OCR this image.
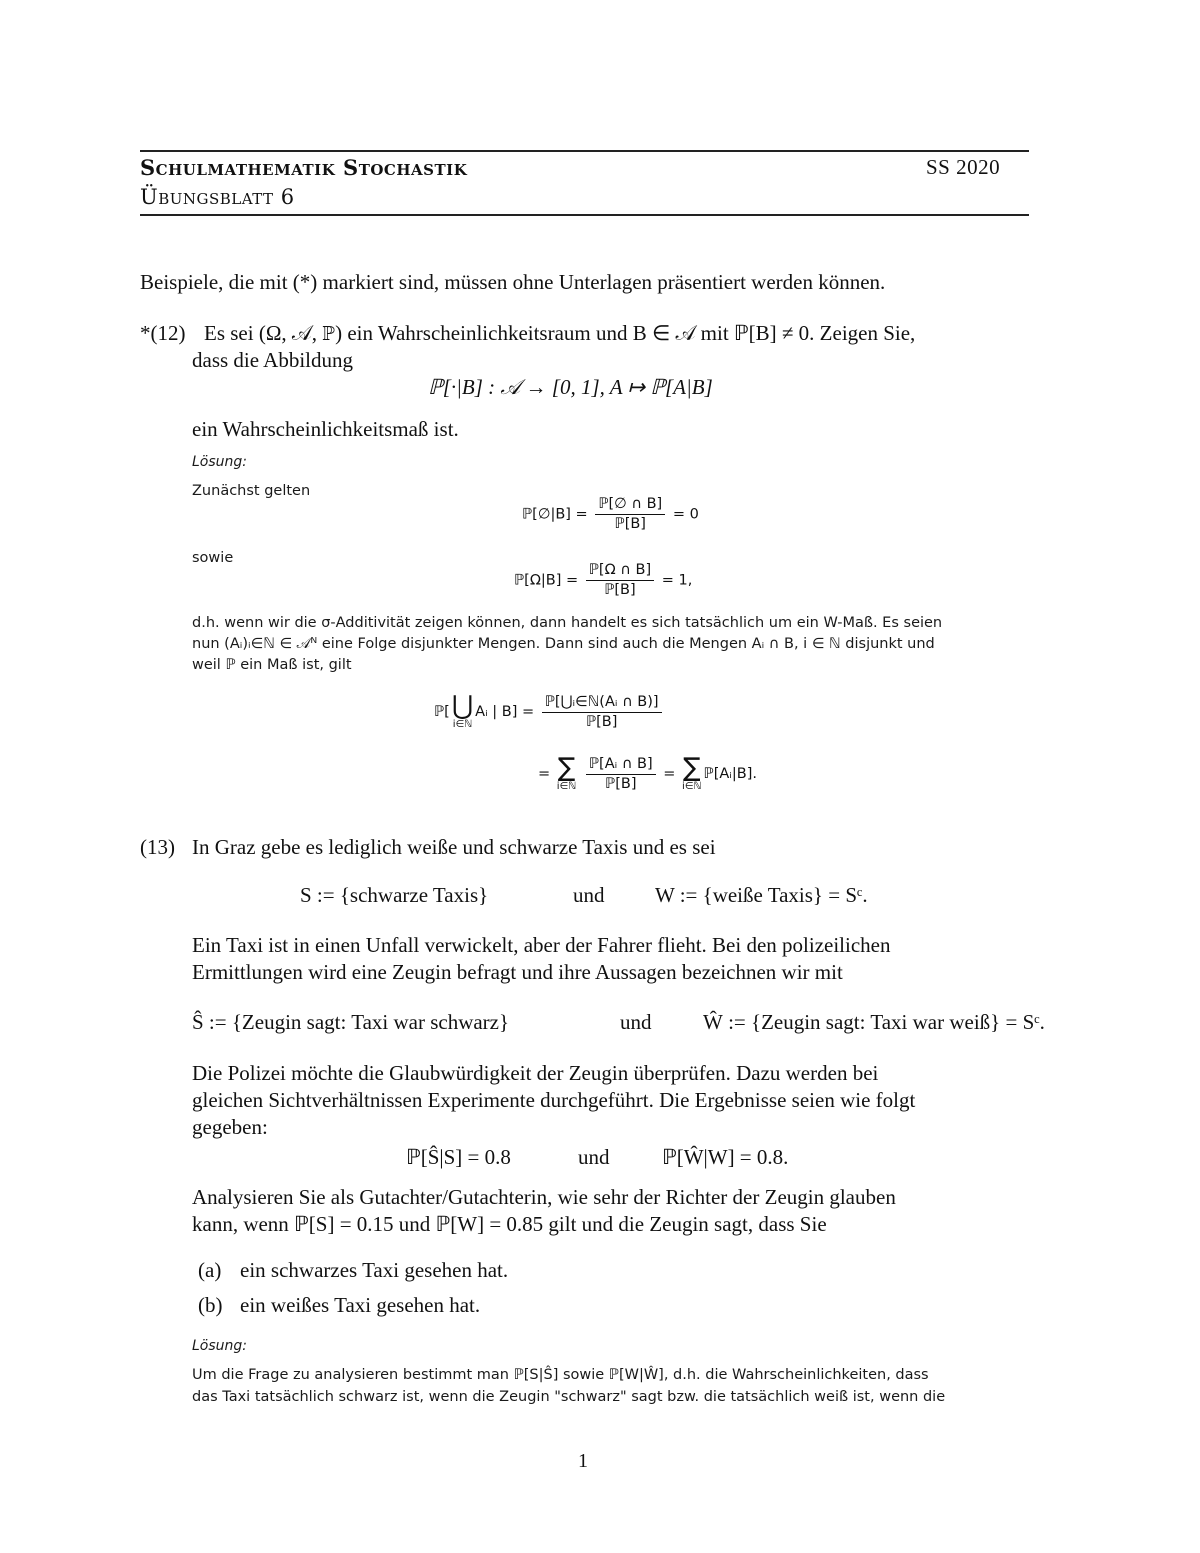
Schulmathematik Stochastik	SS 2020
Übungsblatt 6
Beispiele, die mit (*) markiert sind, müssen ohne Unterlagen präsentiert werden können.
*(12) Es sei (Ω, 𝒜, ℙ) ein Wahrscheinlichkeitsraum und B ∈ 𝒜 mit ℙ[B] ≠ 0. Zeigen Sie,
dass die Abbildung
ℙ[·|B] : 𝒜 → [0, 1], A ↦ ℙ[A|B]
ein Wahrscheinlichkeitsmaß ist.
Lösung:
Zunächst gelten
ℙ[∅|B] = $\frac{\text{ℙ[∅ ∩ B]}}{\text{ℙ[B]}} = 0$
sowie
ℙ[Ω|B] = $\frac{\text{ℙ[Ω ∩ B]}}{\text{ℙ[B]}} = 1$,
d.h. wenn wir die σ-Additivität zeigen können, dann handelt es sich tatsächlich um ein W-Maß. Es seien
nun (Aᵢ)ᵢ∈ℕ ∈ 𝒜ᴺ eine Folge disjunkter Mengen. Dann sind auch die Mengen Aᵢ ∩ B, i ∈ ℕ disjunkt und
weil ℙ ein Maß ist, gilt
ℙ[ ⋃
i∈ℕ
Aᵢ | $B] = \frac{\text{ℙ[⋃ᵢ∈ℕ(Aᵢ ∩ B)]}}{\text{ℙ[B]}}$
= ∑
i∈ℕ
$\frac{\text{ℙ[Aᵢ ∩ B]}}{\text{ℙ[B]}}$ = ∑
i∈ℕ
ℙ[Aᵢ|B].
(13) In Graz gebe es lediglich weiße und schwarze Taxis und es sei
S := {schwarze Taxis}	und W := {weiße Taxis} = Sᶜ.
Ein Taxi ist in einen Unfall verwickelt, aber der Fahrer flieht. Bei den polizeilichen
Ermittlungen wird eine Zeugin befragt und ihre Aussagen bezeichnen wir mit
Ŝ := {Zeugin sagt: Taxi war schwarz}	und Ŵ := {Zeugin sagt: Taxi war weiß} = Sᶜ.
Die Polizei möchte die Glaubwürdigkeit der Zeugin überprüfen. Dazu werden bei
gleichen Sichtverhältnissen Experimente durchgeführt. Die Ergebnisse seien wie folgt
gegeben:
ℙ[Ŝ|S] = 0.8	und	ℙ[Ŵ|W] = 0.8.
Analysieren Sie als Gutachter/Gutachterin, wie sehr der Richter der Zeugin glauben
kann, wenn ℙ[S] = 0.15 und ℙ[W] = 0.85 gilt und die Zeugin sagt, dass Sie
(a) ein schwarzes Taxi gesehen hat.
(b) ein weißes Taxi gesehen hat.
Lösung:
Um die Frage zu analysieren bestimmt man ℙ[S|Ŝ] sowie ℙ[W|Ŵ], d.h. die Wahrscheinlichkeiten, dass
das Taxi tatsächlich schwarz ist, wenn die Zeugin "schwarz" sagt bzw. die tatsächlich weiß ist, wenn die
1
